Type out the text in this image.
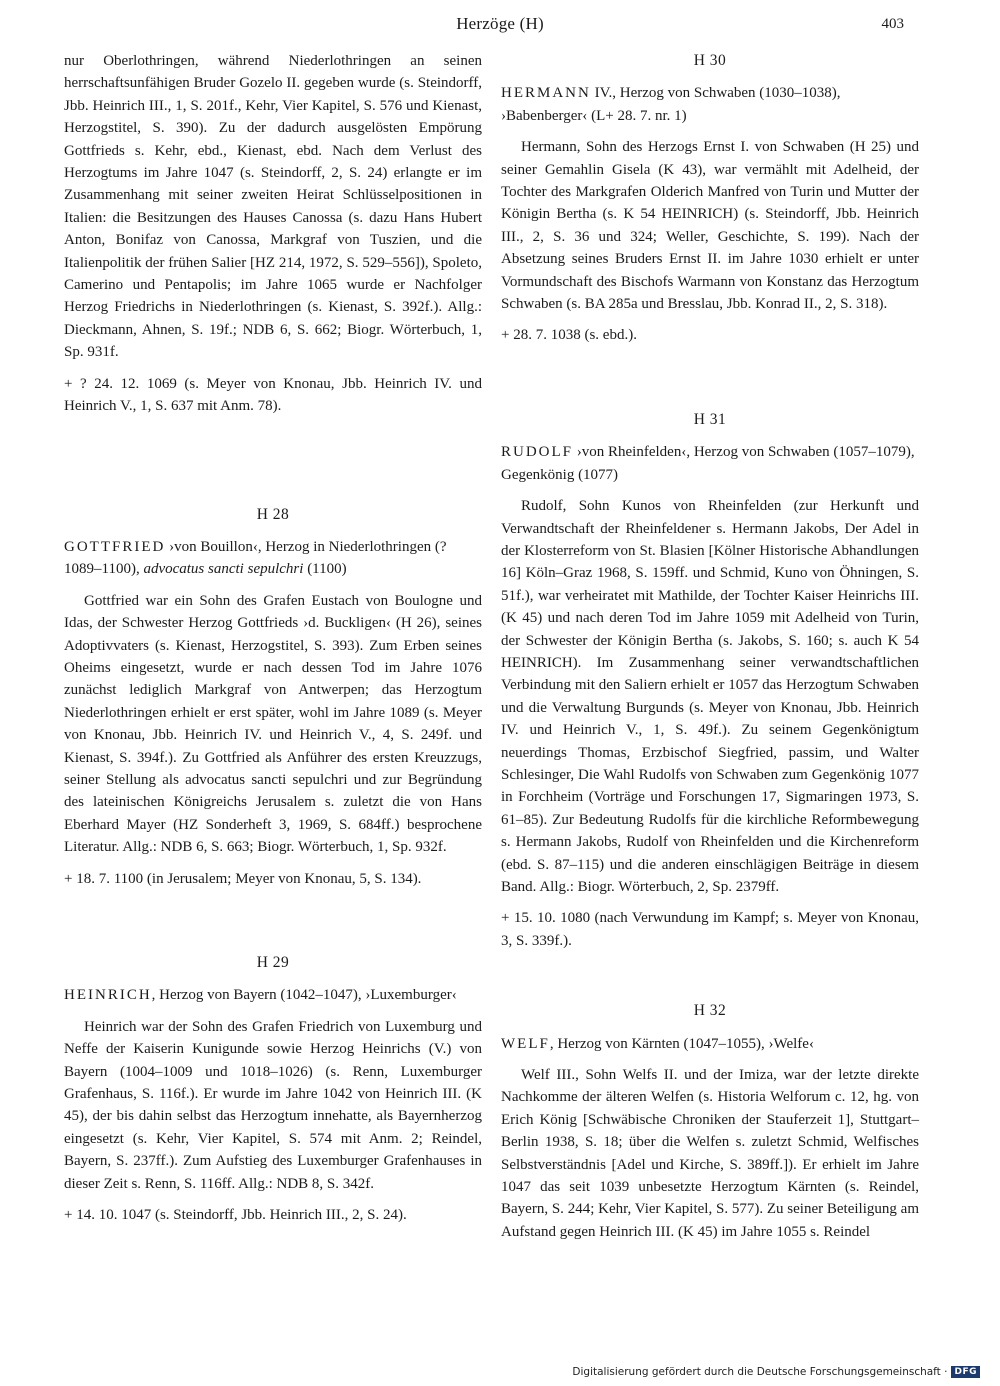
Herzöge (H)	403

nur Oberlothringen, während Niederlothringen an seinen herrschaftsunfähigen Bruder Gozelo II. gegeben wurde (s. Steindorff, Jbb. Heinrich III., 1, S. 201f., Kehr, Vier Kapitel, S. 576 und Kienast, Herzogstitel, S. 390). Zu der dadurch ausgelösten Empörung Gottfrieds s. Kehr, ebd., Kienast, ebd. Nach dem Verlust des Herzogtums im Jahre 1047 (s. Steindorff, 2, S. 24) erlangte er im Zusammenhang mit seiner zweiten Heirat Schlüsselpositionen in Italien: die Besitzungen des Hauses Canossa (s. dazu Hans Hubert Anton, Bonifaz von Canossa, Markgraf von Tuszien, und die Italienpolitik der frühen Salier [HZ 214, 1972, S. 529–556]), Spoleto, Camerino und Pentapolis; im Jahre 1065 wurde er Nachfolger Herzog Friedrichs in Niederlothringen (s. Kienast, S. 392f.). Allg.: Dieckmann, Ahnen, S. 19f.; NDB 6, S. 662; Biogr. Wörterbuch, 1, Sp. 931f.

+ ? 24. 12. 1069 (s. Meyer von Knonau, Jbb. Heinrich IV. und Heinrich V., 1, S. 637 mit Anm. 78).

H 28

GOTTFRIED ›von Bouillon‹, Herzog in Niederlothringen (?1089–1100), advocatus sancti sepulchri (1100)

Gottfried war ein Sohn des Grafen Eustach von Boulogne und Idas, der Schwester Herzog Gottfrieds ›d. Buckligen‹ (H 26), seines Adoptivvaters (s. Kienast, Herzogstitel, S. 393). Zum Erben seines Oheims eingesetzt, wurde er nach dessen Tod im Jahre 1076 zunächst lediglich Markgraf von Antwerpen; das Herzogtum Niederlothringen erhielt er erst später, wohl im Jahre 1089 (s. Meyer von Knonau, Jbb. Heinrich IV. und Heinrich V., 4, S. 249f. und Kienast, S. 394f.). Zu Gottfried als Anführer des ersten Kreuzzugs, seiner Stellung als advocatus sancti sepulchri und zur Begründung des lateinischen Königreichs Jerusalem s. zuletzt die von Hans Eberhard Mayer (HZ Sonderheft 3, 1969, S. 684ff.) besprochene Literatur. Allg.: NDB 6, S. 663; Biogr. Wörterbuch, 1, Sp. 932f.

+ 18. 7. 1100 (in Jerusalem; Meyer von Knonau, 5, S. 134).

H 29

HEINRICH, Herzog von Bayern (1042–1047), ›Luxemburger‹

Heinrich war der Sohn des Grafen Friedrich von Luxemburg und Neffe der Kaiserin Kunigunde sowie Herzog Heinrichs (V.) von Bayern (1004–1009 und 1018–1026) (s. Renn, Luxemburger Grafenhaus, S. 116f.). Er wurde im Jahre 1042 von Heinrich III. (K 45), der bis dahin selbst das Herzogtum innehatte, als Bayernherzog eingesetzt (s. Kehr, Vier Kapitel, S. 574 mit Anm. 2; Reindel, Bayern, S. 237ff.). Zum Aufstieg des Luxemburger Grafenhauses in dieser Zeit s. Renn, S. 116ff. Allg.: NDB 8, S. 342f.

+ 14. 10. 1047 (s. Steindorff, Jbb. Heinrich III., 2, S. 24).

H 30

HERMANN IV., Herzog von Schwaben (1030–1038), ›Babenberger‹ (L+ 28. 7. nr. 1)

Hermann, Sohn des Herzogs Ernst I. von Schwaben (H 25) und seiner Gemahlin Gisela (K 43), war vermählt mit Adelheid, der Tochter des Markgrafen Olderich Manfred von Turin und Mutter der Königin Bertha (s. K 54 HEINRICH) (s. Steindorff, Jbb. Heinrich III., 2, S. 36 und 324; Weller, Geschichte, S. 199). Nach der Absetzung seines Bruders Ernst II. im Jahre 1030 erhielt er unter Vormundschaft des Bischofs Warmann von Konstanz das Herzogtum Schwaben (s. BA 285a und Bresslau, Jbb. Konrad II., 2, S. 318).

+ 28. 7. 1038 (s. ebd.).

H 31

RUDOLF ›von Rheinfelden‹, Herzog von Schwaben (1057–1079), Gegenkönig (1077)

Rudolf, Sohn Kunos von Rheinfelden (zur Herkunft und Verwandtschaft der Rheinfeldener s. Hermann Jakobs, Der Adel in der Klosterreform von St. Blasien [Kölner Historische Abhandlungen 16] Köln–Graz 1968, S. 159ff. und Schmid, Kuno von Öhningen, S. 51f.), war verheiratet mit Mathilde, der Tochter Kaiser Heinrichs III. (K 45) und nach deren Tod im Jahre 1059 mit Adelheid von Turin, der Schwester der Königin Bertha (s. Jakobs, S. 160; s. auch K 54 HEINRICH). Im Zusammenhang seiner verwandtschaftlichen Verbindung mit den Saliern erhielt er 1057 das Herzogtum Schwaben und die Verwaltung Burgunds (s. Meyer von Knonau, Jbb. Heinrich IV. und Heinrich V., 1, S. 49f.). Zu seinem Gegenkönigtum neuerdings Thomas, Erzbischof Siegfried, passim, und Walter Schlesinger, Die Wahl Rudolfs von Schwaben zum Gegenkönig 1077 in Forchheim (Vorträge und Forschungen 17, Sigmaringen 1973, S. 61–85). Zur Bedeutung Rudolfs für die kirchliche Reformbewegung s. Hermann Jakobs, Rudolf von Rheinfelden und die Kirchenreform (ebd. S. 87–115) und die anderen einschlägigen Beiträge in diesem Band. Allg.: Biogr. Wörterbuch, 2, Sp. 2379ff.

+ 15. 10. 1080 (nach Verwundung im Kampf; s. Meyer von Knonau, 3, S. 339f.).

H 32

WELF, Herzog von Kärnten (1047–1055), ›Welfe‹

Welf III., Sohn Welfs II. und der Imiza, war der letzte direkte Nachkomme der älteren Welfen (s. Historia Welforum c. 12, hg. von Erich König [Schwäbische Chroniken der Stauferzeit 1], Stuttgart–Berlin 1938, S. 18; über die Welfen s. zuletzt Schmid, Welfisches Selbstverständnis [Adel und Kirche, S. 389ff.]). Er erhielt im Jahre 1047 das seit 1039 unbesetzte Herzogtum Kärnten (s. Reindel, Bayern, S. 244; Kehr, Vier Kapitel, S. 577). Zu seiner Beteiligung am Aufstand gegen Heinrich III. (K 45) im Jahre 1055 s. Reindel

Digitalisierung gefördert durch die Deutsche Forschungsgemeinschaft · DFG
